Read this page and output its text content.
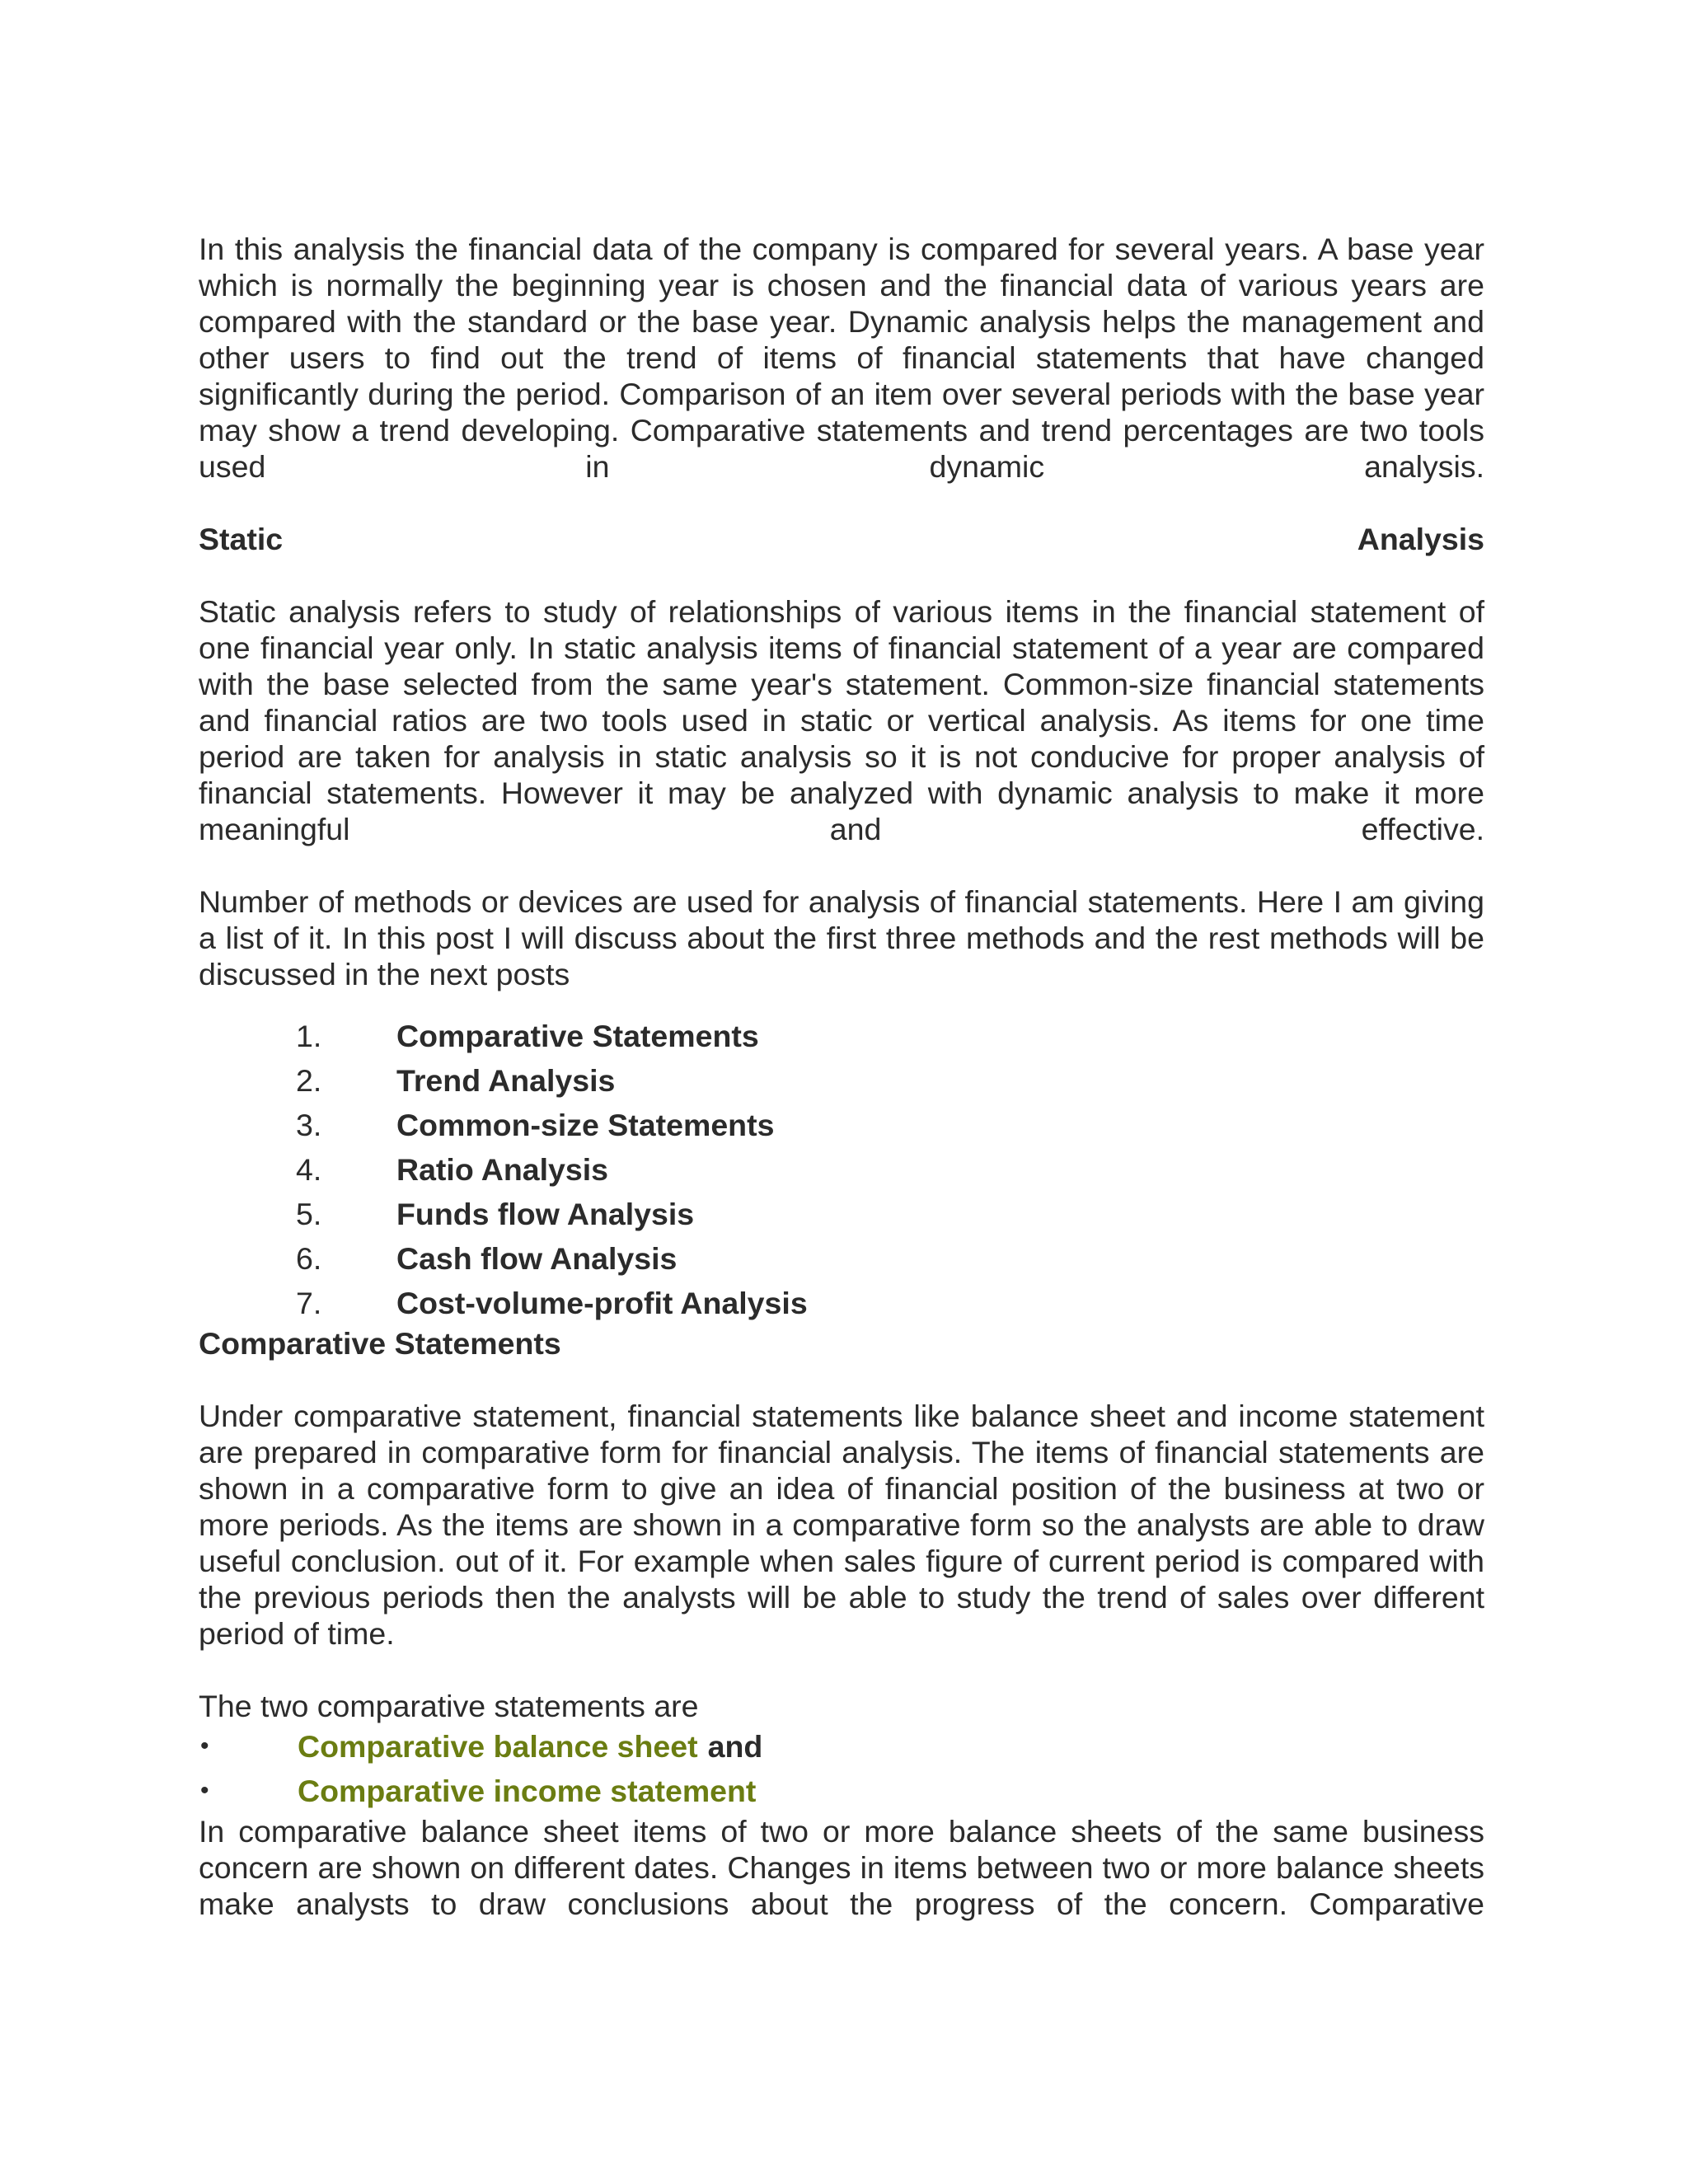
In this analysis the financial data of the company is compared for several years. A base year which is normally the beginning year is chosen and the financial data of various years are compared with the standard or the base year. Dynamic analysis helps the management and other users to find out the trend of items of financial statements that have changed significantly during the period. Comparison of an item over several periods with the base year may show a trend developing. Comparative statements and trend percentages are two tools used in dynamic analysis.

Static	Analysis

Static analysis refers to study of relationships of various items in the financial statement of one financial year only. In static analysis items of financial statement of a year are compared with the base selected from the same year's statement. Common-size financial statements and financial ratios are two tools used in static or vertical analysis. As items for one time period are taken for analysis in static analysis so it is not conducive for proper analysis of financial statements. However it may be analyzed with dynamic analysis to make it more meaningful and effective.

Number of methods or devices are used for analysis of financial statements. Here I am giving a list of it. In this post I will discuss about the first three methods and the rest methods will be discussed in the next posts

1.	Comparative Statements
2.	Trend Analysis
3.	Common-size Statements
4.	Ratio Analysis
5.	Funds flow Analysis
6.	Cash flow Analysis
7.	Cost-volume-profit Analysis

Comparative Statements

Under comparative statement, financial statements like balance sheet and income statement are prepared in comparative form for financial analysis. The items of financial statements are shown in a comparative form to give an idea of financial position of the business at two or more periods. As the items are shown in a comparative form so the analysts are able to draw useful conclusion. out of it. For example when sales figure of current period is compared with the previous periods then the analysts will be able to study the trend of sales over different period of time.

The two comparative statements are

•	Comparative balance sheet and
•	Comparative income statement

In comparative balance sheet items of two or more balance sheets of the same business concern are shown on different dates. Changes in items between two or more balance sheets make analysts to draw conclusions about the progress of the concern. Comparative
